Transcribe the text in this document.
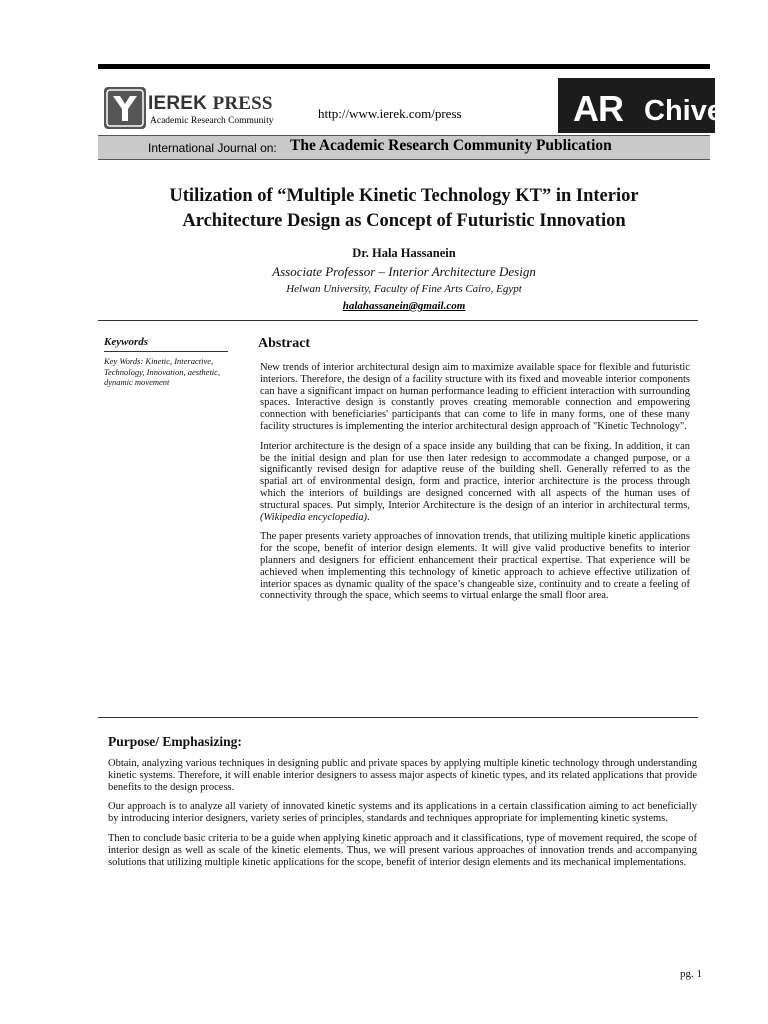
IEREK PRESS
Academic Research Community	http://www.ierek.com/press	AR Chive
International Journal on: The Academic Research Community Publication
Utilization of “Multiple Kinetic Technology KT” in Interior
Architecture Design as Concept of Futuristic Innovation
Dr. Hala Hassanein
Associate Professor – Interior Architecture Design
Helwan University, Faculty of Fine Arts Cairo, Egypt
halahassanein@gmail.com
Keywords
Key Words: Kinetic, Interactive, Technology, Innovation, aesthetic, dynamic movement
Abstract

New trends of interior architectural design aim to maximize available space for flexible and futuristic interiors. Therefore, the design of a facility structure with its fixed and moveable interior components can have a significant impact on human performance leading to efficient interaction with surrounding spaces. Interactive design is constantly proves creating memorable connection and empowering connection with beneficiaries' participants that can come to life in many forms, one of these many facility structures is implementing the interior architectural design approach of "Kinetic Technology".

Interior architecture is the design of a space inside any building that can be fixing. In addition, it can be the initial design and plan for use then later redesign to accommodate a changed purpose, or a significantly revised design for adaptive reuse of the building shell. Generally referred to as the spatial art of environmental design, form and practice, interior architecture is the process through which the interiors of buildings are designed concerned with all aspects of the human uses of structural spaces. Put simply, Interior Architecture is the design of an interior in architectural terms, (Wikipedia encyclopedia).

The paper presents variety approaches of innovation trends, that utilizing multiple kinetic applications for the scope, benefit of interior design elements. It will give valid productive benefits to interior planners and designers for efficient enhancement their practical expertise. That experience will be achieved when implementing this technology of kinetic approach to achieve effective utilization of interior spaces as dynamic quality of the space’s changeable size, continuity and to create a feeling of connectivity through the space, which seems to virtual enlarge the small floor area.

Purpose/ Emphasizing:

Obtain, analyzing various techniques in designing public and private spaces by applying multiple kinetic technology through understanding kinetic systems. Therefore, it will enable interior designers to assess major aspects of kinetic types, and its related applications that provide benefits to the design process.

Our approach is to analyze all variety of innovated kinetic systems and its applications in a certain classification aiming to act beneficially by introducing interior designers, variety series of principles, standards and techniques appropriate for implementing kinetic systems.

Then to conclude basic criteria to be a guide when applying kinetic approach and it classifications, type of movement required, the scope of interior design as well as scale of the kinetic elements. Thus, we will present various approaches of innovation trends and accompanying solutions that utilizing multiple kinetic applications for the scope, benefit of interior design elements and its mechanical implementations.

pg. 1
